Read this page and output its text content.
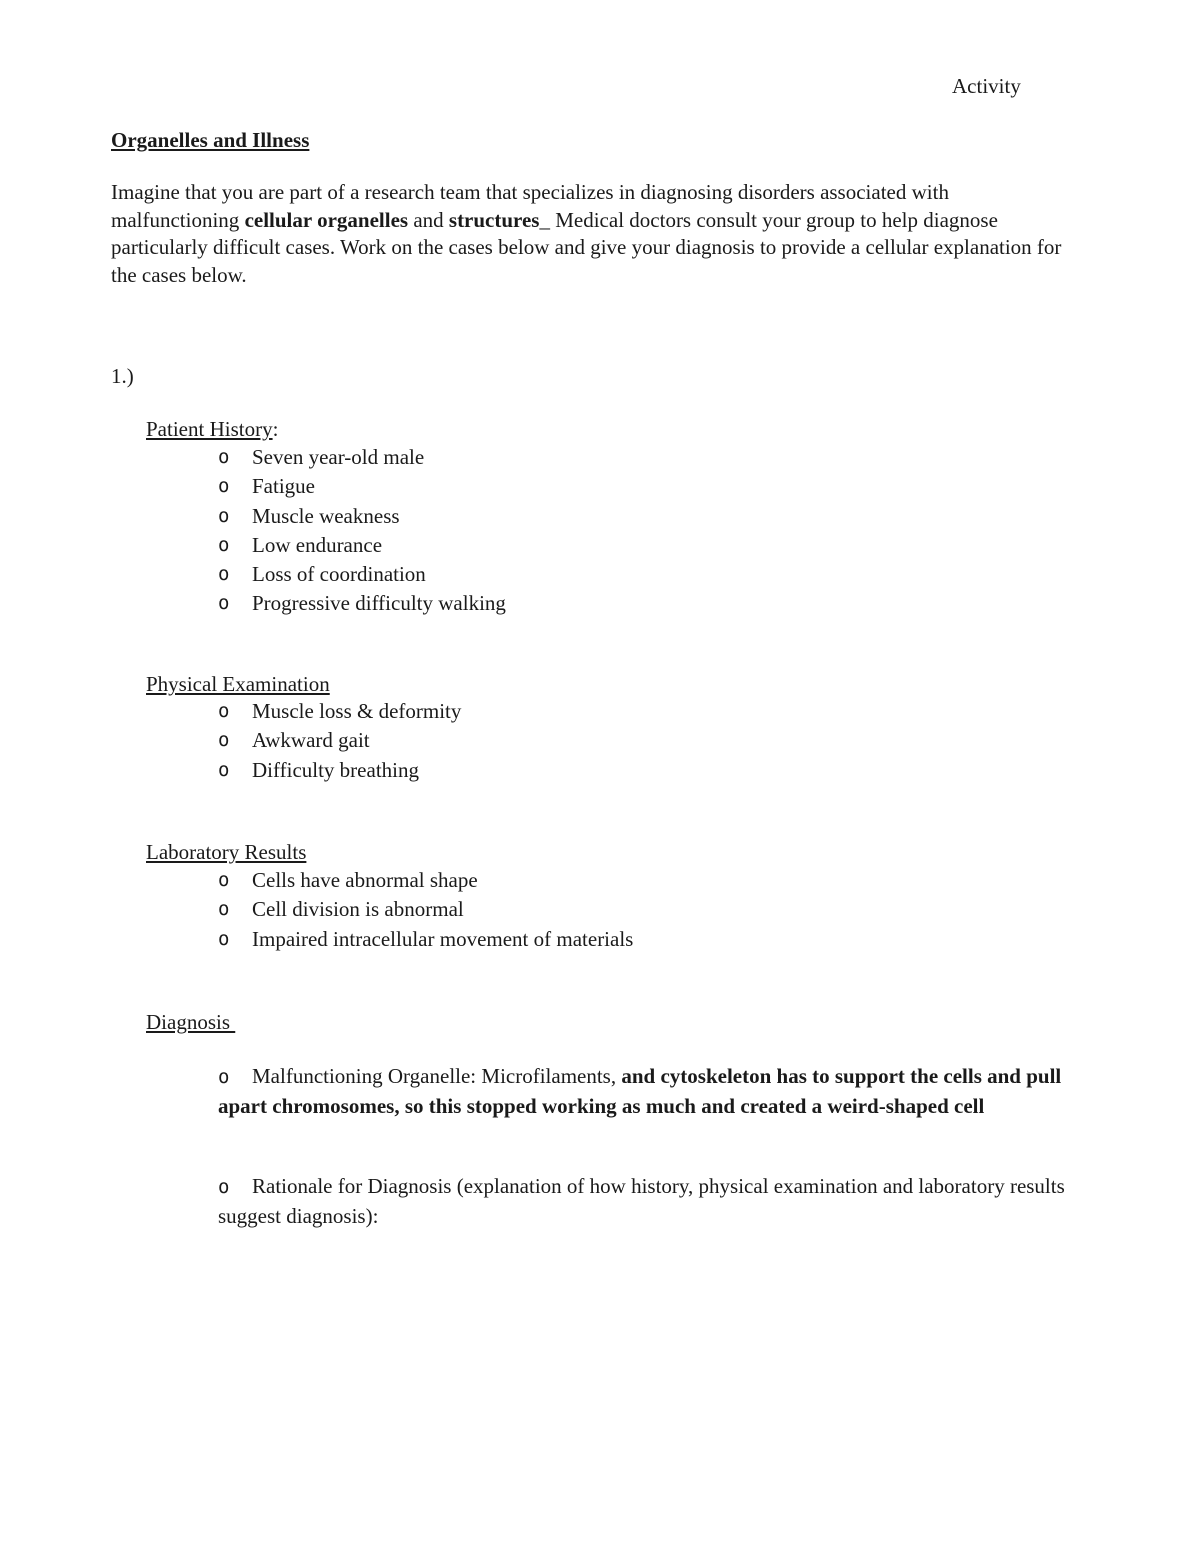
Activity
Organelles and Illness
Imagine that you are part of a research team that specializes in diagnosing disorders associated with malfunctioning cellular organelles and structures_ Medical doctors consult your group to help diagnose particularly difficult cases. Work on the cases below and give your diagnosis to provide a cellular explanation for the cases below.
1.)
Patient History:
o Seven year-old male
o Fatigue
o Muscle weakness
o Low endurance
o Loss of coordination
o Progressive difficulty walking
Physical Examination
o Muscle loss & deformity
o Awkward gait
o Difficulty breathing
Laboratory Results
o Cells have abnormal shape
o Cell division is abnormal
o Impaired intracellular movement of materials
Diagnosis
o Malfunctioning Organelle: Microfilaments, and cytoskeleton has to support the cells and pull apart chromosomes, so this stopped working as much and created a weird-shaped cell
o Rationale for Diagnosis (explanation of how history, physical examination and laboratory results suggest diagnosis):
